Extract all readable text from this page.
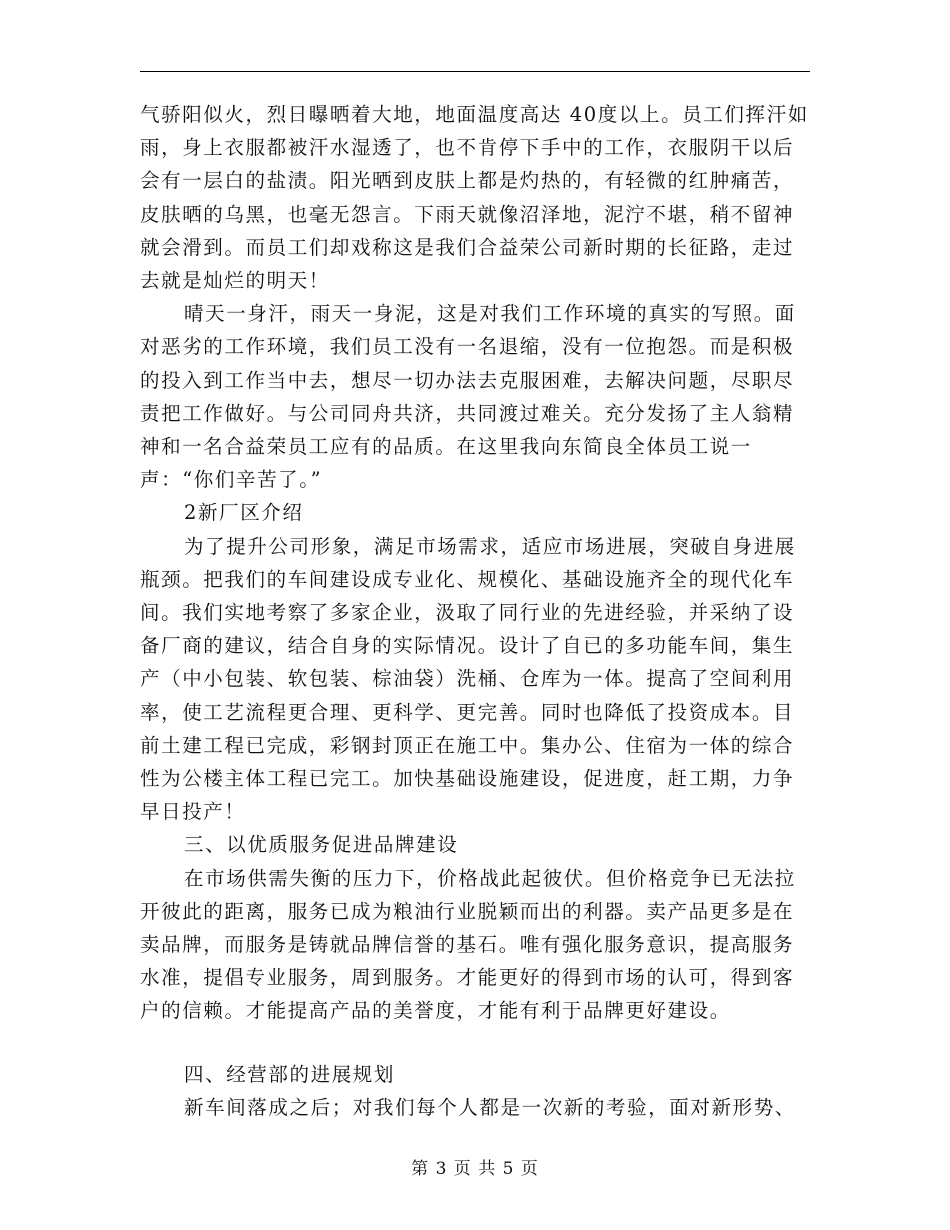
气骄阳似火，烈日曝晒着大地，地面温度高达 40度以上。员工们挥汗如雨，身上衣服都被汗水湿透了，也不肯停下手中的工作，衣服阴干以后会有一层白的盐渍。阳光晒到皮肤上都是灼热的，有轻微的红肿痛苦，皮肤晒的乌黑，也毫无怨言。下雨天就像沼泽地，泥泞不堪，稍不留神就会滑到。而员工们却戏称这是我们合益荣公司新时期的长征路，走过去就是灿烂的明天！

晴天一身汗，雨天一身泥，这是对我们工作环境的真实的写照。面对恶劣的工作环境，我们员工没有一名退缩，没有一位抱怨。而是积极的投入到工作当中去，想尽一切办法去克服困难，去解决问题，尽职尽责把工作做好。与公司同舟共济，共同渡过难关。充分发扬了主人翁精神和一名合益荣员工应有的品质。在这里我向东简良全体员工说一声：“你们辛苦了。”

2新厂区介绍

为了提升公司形象，满足市场需求，适应市场进展，突破自身进展瓶颈。把我们的车间建设成专业化、规模化、基础设施齐全的现代化车间。我们实地考察了多家企业，汲取了同行业的先进经验，并采纳了设备厂商的建议，结合自身的实际情况。设计了自已的多功能车间，集生产（中小包装、软包装、棕油袋）洗桶、仓库为一体。提高了空间利用率，使工艺流程更合理、更科学、更完善。同时也降低了投资成本。目前土建工程已完成，彩钢封顶正在施工中。集办公、住宿为一体的综合性为公楼主体工程已完工。加快基础设施建设，促进度，赶工期，力争早日投产！

三、以优质服务促进品牌建设

在市场供需失衡的压力下，价格战此起彼伏。但价格竞争已无法拉开彼此的距离，服务已成为粮油行业脱颖而出的利器。卖产品更多是在卖品牌，而服务是铸就品牌信誉的基石。唯有强化服务意识，提高服务水准，提倡专业服务，周到服务。才能更好的得到市场的认可，得到客户的信赖。才能提高产品的美誉度，才能有利于品牌更好建设。

四、经营部的进展规划

新车间落成之后；对我们每个人都是一次新的考验，面对新形势、

第 3 页 共 5 页
